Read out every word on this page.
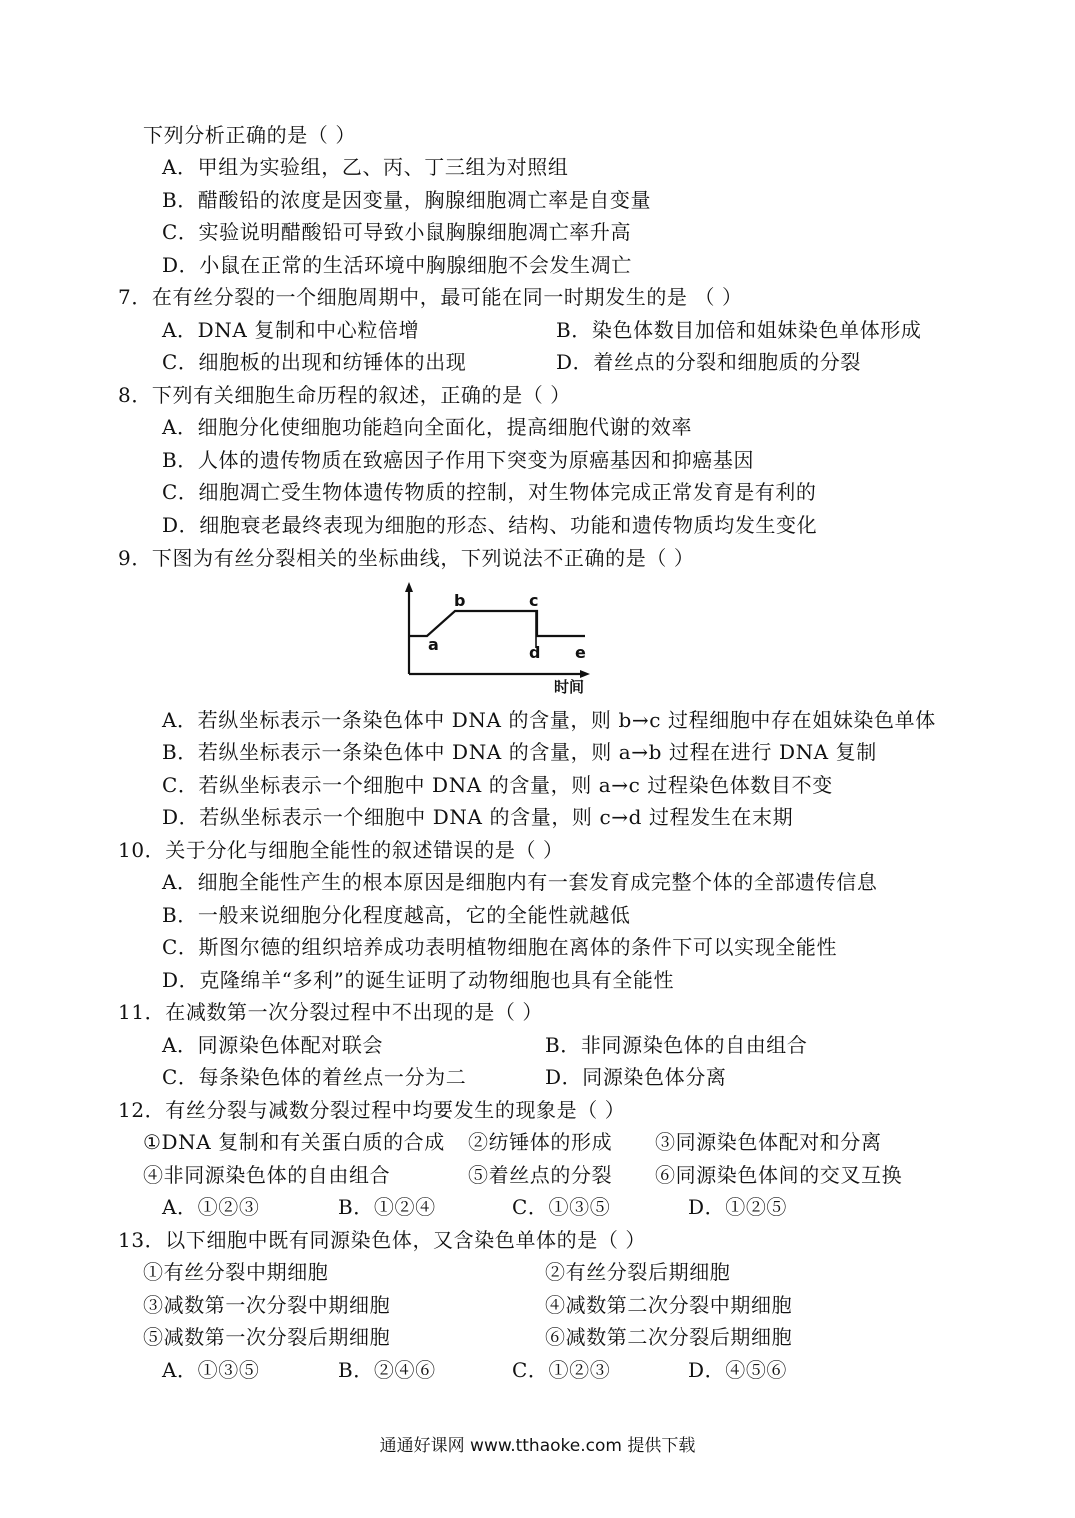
下列分析正确的是（ ）
A．甲组为实验组，乙、丙、丁三组为对照组
B．醋酸铅的浓度是因变量，胸腺细胞凋亡率是自变量
C．实验说明醋酸铅可导致小鼠胸腺细胞凋亡率升高
D．小鼠在正常的生活环境中胸腺细胞不会发生凋亡
7．在有丝分裂的一个细胞周期中，最可能在同一时期发生的是 （ ）
A．DNA 复制和中心粒倍增	B．染色体数目加倍和姐妹染色单体形成
C．细胞板的出现和纺锤体的出现	D．着丝点的分裂和细胞质的分裂
8．下列有关细胞生命历程的叙述，正确的是（ ）
A．细胞分化使细胞功能趋向全面化，提高细胞代谢的效率
B．人体的遗传物质在致癌因子作用下突变为原癌基因和抑癌基因
C．细胞凋亡受生物体遗传物质的控制，对生物体完成正常发育是有利的
D．细胞衰老最终表现为细胞的形态、结构、功能和遗传物质均发生变化
9．下图为有丝分裂相关的坐标曲线，下列说法不正确的是（ ）
a
b	c
d e
时间
A．若纵坐标表示一条染色体中 DNA 的含量，则 b→c 过程细胞中存在姐妹染色单体
B．若纵坐标表示一条染色体中 DNA 的含量，则 a→b 过程在进行 DNA 复制
C．若纵坐标表示一个细胞中 DNA 的含量，则 a→c 过程染色体数目不变
D．若纵坐标表示一个细胞中 DNA 的含量，则 c→d 过程发生在末期
10．关于分化与细胞全能性的叙述错误的是（ ）
A．细胞全能性产生的根本原因是细胞内有一套发育成完整个体的全部遗传信息
B．一般来说细胞分化程度越高，它的全能性就越低
C．斯图尔德的组织培养成功表明植物细胞在离体的条件下可以实现全能性
D．克隆绵羊“多利”的诞生证明了动物细胞也具有全能性
11．在减数第一次分裂过程中不出现的是（ ）
A．同源染色体配对联会	B．非同源染色体的自由组合
C．每条染色体的着丝点一分为二	D．同源染色体分离
12．有丝分裂与减数分裂过程中均要发生的现象是（ ）
①DNA 复制和有关蛋白质的合成 ②纺锤体的形成 ③同源染色体配对和分离
④非同源染色体的自由组合	⑤着丝点的分裂 ⑥同源染色体间的交叉互换
A．①②③	B．①②④	C．①③⑤	D．①②⑤
13．以下细胞中既有同源染色体，又含染色单体的是（ ）
①有丝分裂中期细胞	②有丝分裂后期细胞
③减数第一次分裂中期细胞	④减数第二次分裂中期细胞
⑤减数第一次分裂后期细胞	⑥减数第二次分裂后期细胞
A．①③⑤	B．②④⑥	C．①②③	D．④⑤⑥
通通好课网 www.tthaoke.com 提供下载
